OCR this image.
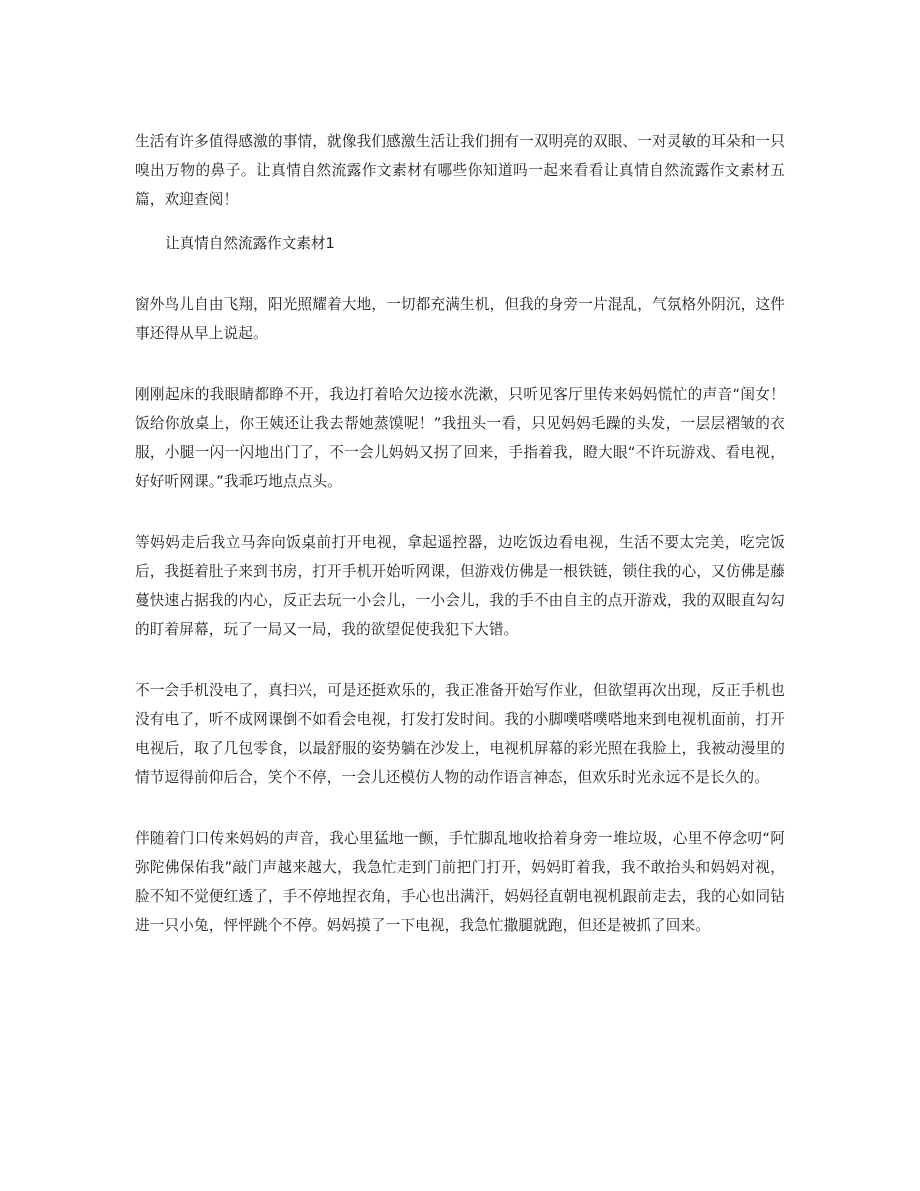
生活有许多值得感激的事情，就像我们感激生活让我们拥有一双明亮的双眼、一对灵敏的耳朵和一只嗅出万物的鼻子。让真情自然流露作文素材有哪些你知道吗一起来看看让真情自然流露作文素材五篇，欢迎查阅！

让真情自然流露作文素材1

窗外鸟儿自由飞翔，阳光照耀着大地，一切都充满生机，但我的身旁一片混乱，气氛格外阴沉，这件事还得从早上说起。

刚刚起床的我眼睛都睁不开，我边打着哈欠边接水洗漱，只听见客厅里传来妈妈慌忙的声音“闺女！饭给你放桌上，你王姨还让我去帮她蒸馍呢！”我扭头一看，只见妈妈毛躁的头发，一层层褶皱的衣服，小腿一闪一闪地出门了，不一会儿妈妈又拐了回来，手指着我，瞪大眼“不许玩游戏、看电视，好好听网课。”我乖巧地点点头。

等妈妈走后我立马奔向饭桌前打开电视，拿起遥控器，边吃饭边看电视，生活不要太完美，吃完饭后，我挺着肚子来到书房，打开手机开始听网课，但游戏仿佛是一根铁链，锁住我的心，又仿佛是藤蔓快速占据我的内心，反正去玩一小会儿，一小会儿，我的手不由自主的点开游戏，我的双眼直勾勾的盯着屏幕，玩了一局又一局，我的欲望促使我犯下大错。

不一会手机没电了，真扫兴，可是还挺欢乐的，我正准备开始写作业，但欲望再次出现，反正手机也没有电了，听不成网课倒不如看会电视，打发打发时间。我的小脚噗嗒噗嗒地来到电视机面前，打开电视后，取了几包零食，以最舒服的姿势躺在沙发上，电视机屏幕的彩光照在我脸上，我被动漫里的情节逗得前仰后合，笑个不停，一会儿还模仿人物的动作语言神态，但欢乐时光永远不是长久的。

伴随着门口传来妈妈的声音，我心里猛地一颤，手忙脚乱地收拾着身旁一堆垃圾，心里不停念叨“阿弥陀佛保佑我”敲门声越来越大，我急忙走到门前把门打开，妈妈盯着我，我不敢抬头和妈妈对视，脸不知不觉便红透了，手不停地捏衣角，手心也出满汗，妈妈径直朝电视机跟前走去，我的心如同钻进一只小兔，怦怦跳个不停。妈妈摸了一下电视，我急忙撒腿就跑，但还是被抓了回来。
